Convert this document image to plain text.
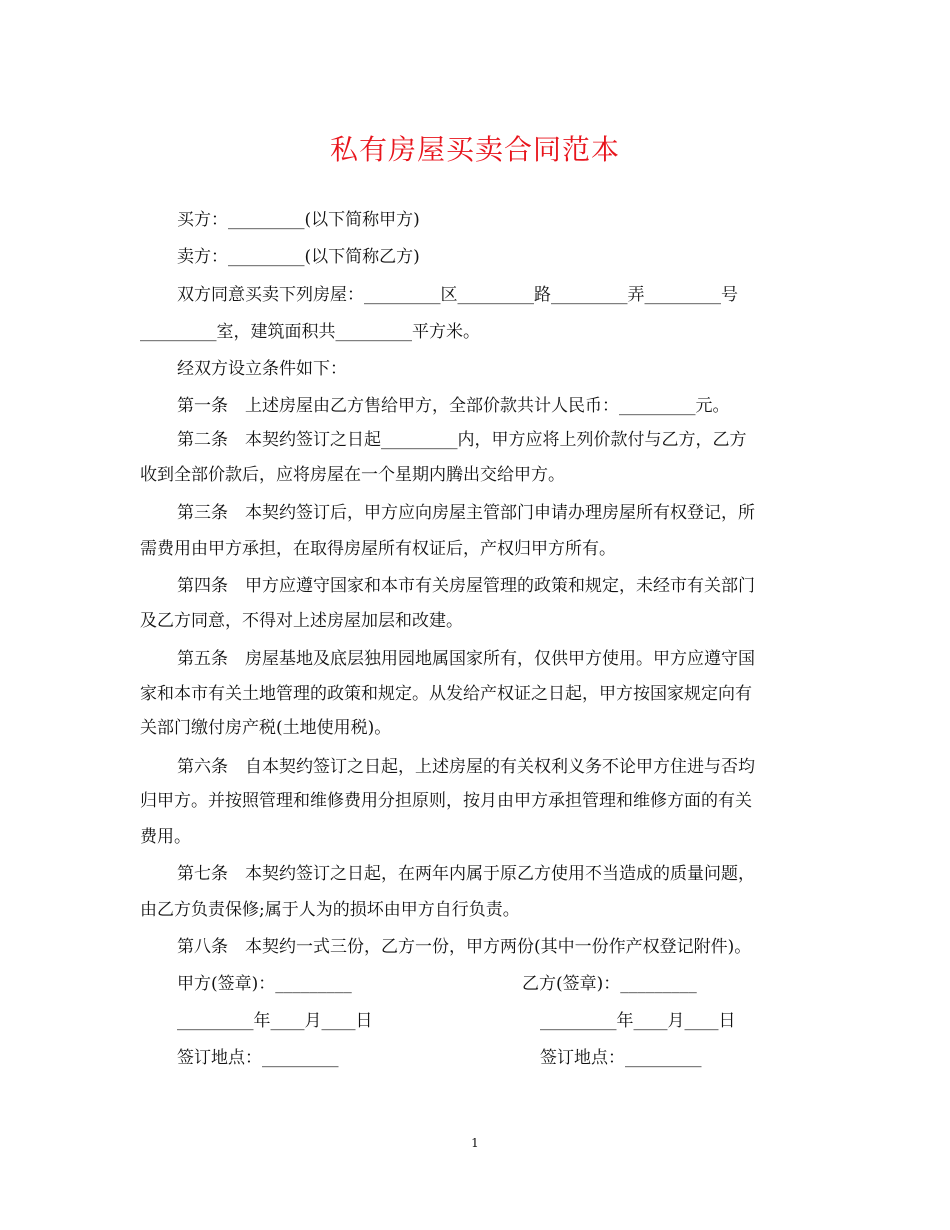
私有房屋买卖合同范本
买方：_________(以下简称甲方)
卖方：_________(以下简称乙方)
双方同意买卖下列房屋：_________区_________路_________弄_________号
_________室，建筑面积共_________平方米。
经双方设立条件如下：
第一条　上述房屋由乙方售给甲方，全部价款共计人民币：_________元。
第二条　本契约签订之日起_________内，甲方应将上列价款付与乙方，乙方
收到全部价款后，应将房屋在一个星期内腾出交给甲方。
第三条　本契约签订后，甲方应向房屋主管部门申请办理房屋所有权登记，所
需费用由甲方承担，在取得房屋所有权证后，产权归甲方所有。
第四条　甲方应遵守国家和本市有关房屋管理的政策和规定，未经市有关部门
及乙方同意，不得对上述房屋加层和改建。
第五条　房屋基地及底层独用园地属国家所有，仅供甲方使用。甲方应遵守国
家和本市有关土地管理的政策和规定。从发给产权证之日起，甲方按国家规定向有
关部门缴付房产税(土地使用税)。
第六条　自本契约签订之日起，上述房屋的有关权利义务不论甲方住进与否均
归甲方。并按照管理和维修费用分担原则，按月由甲方承担管理和维修方面的有关
费用。
第七条　本契约签订之日起，在两年内属于原乙方使用不当造成的质量问题，
由乙方负责保修;属于人为的损坏由甲方自行负责。
第八条　本契约一式三份，乙方一份，甲方两份(其中一份作产权登记附件)。
甲方(签章)：_________	乙方(签章)：_________
_________年____月____日	_________年____月____日
签订地点：_________	签订地点：_________
1
